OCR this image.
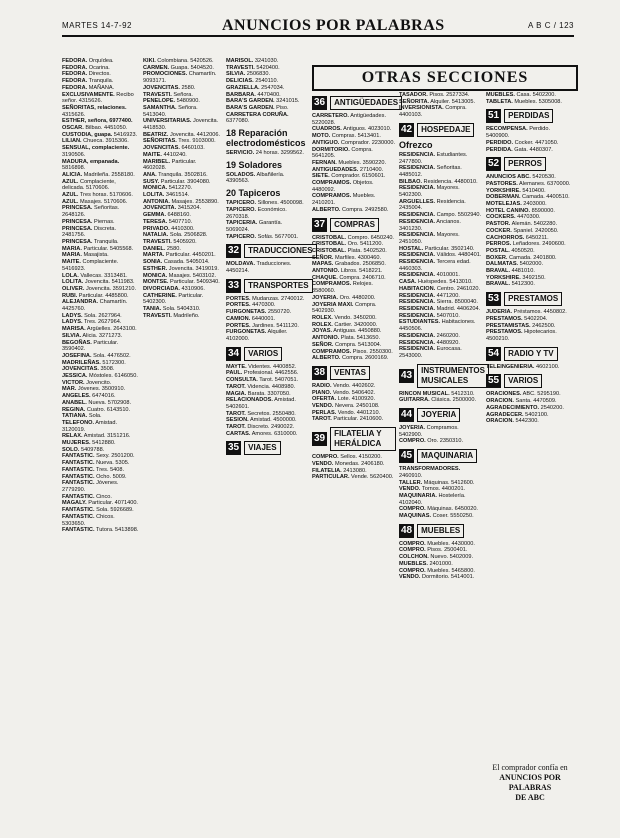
MARTES 14-7-92	ANUNCIOS POR PALABRAS	A B C / 123
OTRAS SECCIONES

FEDORA. Orquídea.

FEDORA. Ocarina.

FEDORA. Directos.

FEDORA. Tranquila.

FEDORA. MAÑANA.

EXCLUSIVAMENTE. Recibo señor. 4315626.

SEÑORITAS, relaciones. 4315626.

ESTHER, señora, 6977400.

OSCAR. Bilbao. 4451050.

CUSTODIA, guapa. 5416923.

LILIAN. Chueca. 3915306.

SENSUAL, complaciente. 3190506.

MADURA, empanada. 5816898.

ALICIA. Madrileña. 2558180.

AZUL. Complaciente, delicada. 5170606.

AZUL. Tres horas. 5170606.

AZUL. Masajes. 5170606.

PRINCESA. Señoritas. 2648126.

PRINCESA. Piernas.

PRINCESA. Discreta. 2481756.

PRINCESA. Tranquila.

MARIA. Particular. 5405568.

MARIA. Masajista.

MAITE. Complaciente. 5416923.

LOLA. Vallecas. 3313481.

LOLITA. Jovencita. 5411983.

OLIVER. Jovencita. 3591210.

RUBI. Particular. 4485800.

ALEJANDRA. Chamartín. 4425760.

LADYS. Sola. 2627964.

LADYS. Tres. 2627964.

MARISA. Argüelles. 2643100.

SILVIA. Alicia. 3271273.

BEGOÑAS. Particular. 3590402.

JOSEFINA. Sola. 4476502.

MADRILEÑAS. 5172300.

JOVENCITAS. 3508.

JESSICA. Móstoles. 6146050.

VICTOR. Jovencito.

MAR. Jóvenes. 3500910.

ANGELES. 6474016.

ANABEL. Nueva. 5702908.

REGINA. Cuatro. 6143510.

TATIANA. Sola.

TELEFONO. Amistad. 3120019.

RELAX. Amistad. 3151216.

MUJERES. 5412880.

SOLO. 5409788.

FANTASTIC. Sexy. 2501200.

FANTASTIC. Nueva. 5305.

FANTASTIC. Tres. 5408.

FANTASTIC. Ocho. 5009.

FANTASTIC. Jóvenes. 2779290.

FANTASTIC. Cinco.

MAGALY. Particular. 4071400.

FANTASTIC. Sola. 5926689.

FANTASTIC. Chicos. 5303650.

FANTASTIC. Tutora. 5413898.

KIKI. Colombiana. 5420526.

CARMEN. Guapa. 5404520.

PROMOCIONES. Chamartín. 9093171.

JOVENCITAS. 2580.

TRAVESTI. Señora.

PENELOPE. 5480900.

SAMANTHA. Señora. 5413040.

UNIVERSITARIAS. Jovencita. 4418530.

BEATRIZ. Jovencita. 4412006.

SEÑORITAS. Tres. 9103000.

JOVENCITAS. 6460103.

MAITE. 4410240.

MARIBEL. Particular. 4602028.

ANA. Tranquila. 3502816.

SUSY. Particular. 3904080.

MONICA. 5412270.

LOLITA. 3461514.

ANTONIA. Masajes. 2553890.

JOVENCITA. 3415204.

GEMMA. 6488160.

TERESA. 5407710.

PRIVADO. 4410300.

NATALIA. Sola. 2506828.

TRAVESTI. 5405920.

DANIEL. 2580.

MARTA. Particular. 4450201.

SONIA. Casada. 5405014.

ESTHER. Jovencita. 3419019.

MONICA. Masajes. 5403102.

MONTSE. Particular. 5409340.

DIVORCIADA. 4310906.

CATHERINE. Particular. 5402300.

TANIA. Sola. 5404310.

TRAVESTI. Madrileño.

MARISOL. 3241030.

TRAVESTI. 5420400.

SILVIA. 2506830.

DELICIAS. 2540110.

GRAZIELLA. 2547034.

BARBARA. 4470400.

BARA'S GARDEN. 3241015.

BARA'S GARDEN. Piso.

CARRETERA CORUÑA. 6377080.

18 Reparación electrodomésticos

SERVICIO. 24 horas. 3299562.

19 Soladores

SOLADOS. Albañilería. 4390563.

20 Tapiceros

TAPICERO. Sillones. 4500098.

TAPICERO. Económico. 2670318.

TAPICERIA. Garantía. 5069024.

TAPICERO. Sofás. 5677001.

32	TRADUCCIONES

MOLDAVA. Traducciones. 4450214.

33	TRANSPORTES

PORTES. Mudanzas. 2740012.

PORTES. 4470300.

FURGONETAS. 2550720.

CAMION. 6440001.

PORTES. Jardines. 5411120.

FURGONETAS. Alquiler. 4102000.

34	VARIOS

MAYTE. Videntes. 4400852.

PAUL. Profesional. 4462556.

CONSULTA. Tarot. 5407051.

TAROT. Videncia. 4408980.

MAGIA. Barata. 3307050.

RELACIONADOS. Amistad. 5402601.

TAROT. Secretos. 2550480.

SESION. Amistad. 4500000.

TAROT. Discreto. 2490022.

CARTAS. Amores. 6310000.

35	VIAJES
36	ANTIGÜEDADES

CARRETERO. Antigüedades. 5220028.

CUADROS. Antiguos. 4023010.

MOTO. Compras. 5413401.

ANTIGUO. Comprador. 2230000.

DORMITORIO. Compra. 5641205.

FERNAN. Muebles. 3590220.

ANTIGUEDADES. 2710400.

SIETE. Comprador. 6150601.

COMPRAMOS. Objetos. 4480092.

COMPRAMOS. Muebles. 2410201.

ALBERTO. Compra. 2492580.

37	COMPRAS

CRISTOBAL. Compro. 6450240.

CRISTOBAL. Oro. 5411200.

CRISTOBAL. Plata. 5402520.

SEÑOR. Marfiles. 4300460.

MAPAS. Grabados. 2506850.

ANTONIO. Libros. 5418221.

CHAQUE. Compra. 2406710.

COMPRAMOS. Relojes. 3580060.

JOYERIA. Oro. 4480200.

JOYERIA MAXI. Compra. 5402930.

ROLEX. Vendo. 3450200.

ROLEX. Cartier. 3420000.

JOYAS. Antiguas. 4450880.

ANTONIO. Plata. 5413650.

SEÑOR. Compra. 5413004.

COMPRAMOS. Pisos. 2550300.

ALBERTO. Compra. 2600169.

38	VENTAS

RADIO. Vendo. 4402602.

PIANO. Vendo. 5406402.

OFERTA. Lote. 4100920.

VENDO. Nevera. 2450108.

PERLAS. Vendo. 4401210.

TAROT. Particular. 2410600.

39	FILATELIA Y HERÁLDICA

COMPRO. Sellos. 4150200.

VENDO. Monedas. 2406180.

FILATELIA. 2413080.

PARTICULAR. Vende. 5620400.

TASADOR. Pisos. 2527334.

SEÑORITA. Alquiler. 5413005.

INVERSIONISTA. Compra. 4400103.

42	HOSPEDAJE
Ofrezco

RESIDENCIA. Estudiantes. 2477800.

RESIDENCIA. Señoritas. 4485012.

BILBAO. Residencia. 4480010.

RESIDENCIA. Mayores. 5402300.

ARGUELLES. Residencia. 2435004.

RESIDENCIA. Campo. 5502940.

RESIDENCIA. Ancianos. 3401230.

RESIDENCIA. Mayores. 2451050.

HOSTAL. Particular. 3502140.

RESIDENCIA. Válidos. 4480401.

RESIDENCIA. Tercera edad. 4460303.

RESIDENCIA. 4010001.

CASA. Huéspedes. 5413010.

HABITACION. Centro. 2461020.

RESIDENCIA. 4471200.

RESIDENCIA. Sierra. 8500040.

RESIDENCIA. Madrid. 4406204.

RESIDENCIA. 5407010.

ESTUDIANTES. Habitaciones. 4450506.

RESIDENCIA. 2460200.

RESIDENCIA. 4480920.

RESIDENCIA. Eurocasa. 2543000.

43	INSTRUMENTOS MUSICALES

RINCON MUSICAL. 5412310.

GUITARRA. Clásica. 2500000.

44	JOYERIA

JOYERIA. Compramos. 5402900.

COMPRO. Oro. 2350310.

45	MAQUINARIA

TRANSFORMADORES. 2460910.

TALLER. Máquinas. 5412600.

VENDO. Tornos. 4400201.

MAQUINARIA. Hostelería. 4102040.

COMPRO. Máquinas. 6450020.

MAQUINAS. Coser. 5550250.

48	MUEBLES

COMPRO. Muebles. 4430000.

COMPRO. Pisos. 2500401.

COLCHON. Nuevo. 5402009.

MUEBLES. 2401000.

COMPRO. Muebles. 5465800.

VENDO. Dormitorio. 5414001.

MUEBLES. Casa. 5402200.

TABLETA. Muebles. 5305008.

51	PERDIDAS

RECOMPENSA. Perdido. 5400900.

PERDIDO. Cocker. 4471050.

PERDIDA. Gata. 4480307.

52	PERROS

ANUNCIOS ABC. 5420530.

PASTORES. Alemanes. 6370000.

YORKSHIRE. 5410400.

DOBERMAN. Camada. 4400510.

MOTELEJAS. 2403000.

HOTEL CANINO. 8590000.

COCKERS. 4470300.

PASTOR. Alemán. 5402280.

COCKER. Spaniel. 2420050.

CACHORROS. 6450211.

PERROS. Leñadores. 2490600.

POSTAL. 4050520.

BOXER. Camada. 2401800.

DALMATAS. 5402000.

BRAVAL. 4481010.

YORKSHIRE. 3492150.

BRAVAL. 5412300.

53	PRESTAMOS

JUDERIA. Préstamos. 4450802.

PRESTAMOS. 5402204.

PRESTAMISTAS. 2462500.

PRESTAMOS. Hipotecarios. 4500210.

54	RADIO Y TV

TELEINGENIERIA. 4602100.

55	VARIOS

ORACIONES. ABC. 5295190.

ORACION. Santa. 4470509.

AGRADECIMIENTO. 2540200.

AGRADECER. 5402100.

ORACION. 5442300.

El comprador confía en
ANUNCIOS POR PALABRAS
DE ABC
